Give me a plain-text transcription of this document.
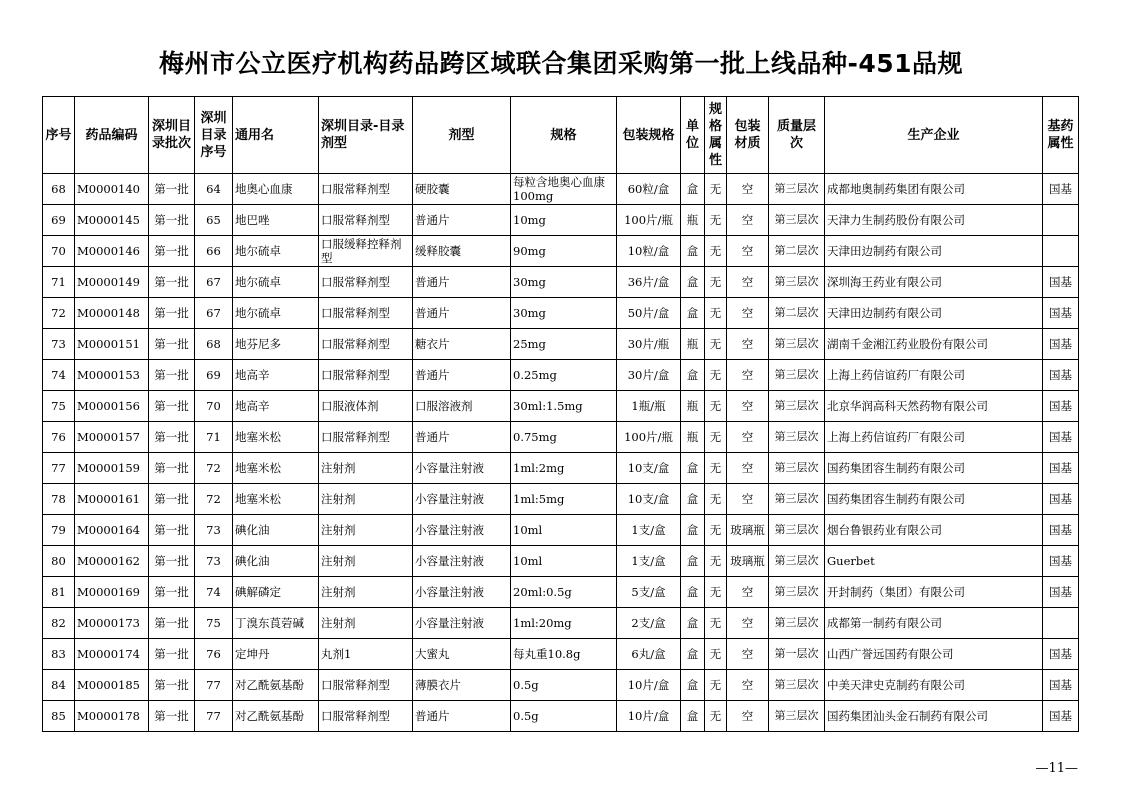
梅州市公立医疗机构药品跨区域联合集团采购第一批上线品种-451品规
序号	药品编码	深圳目录批次	深圳目录序号	通用名	深圳目录-目录剂型	剂型	规格	包装规格	单位	规格属性	包装材质	质量层次	生产企业	基药属性
68	M0000140	第一批	64	地奥心血康	口服常释剂型	硬胶囊	每粒含地奥心血康100mg	60粒/盒	盒	无	空	第三层次	成都地奥制药集团有限公司	国基
69	M0000145	第一批	65	地巴唑	口服常释剂型	普通片	10mg	100片/瓶	瓶	无	空	第三层次	天津力生制药股份有限公司	
70	M0000146	第一批	66	地尔硫卓	口服缓释控释剂型	缓释胶囊	90mg	10粒/盒	盒	无	空	第二层次	天津田边制药有限公司	
71	M0000149	第一批	67	地尔硫卓	口服常释剂型	普通片	30mg	36片/盒	盒	无	空	第三层次	深圳海王药业有限公司	国基
72	M0000148	第一批	67	地尔硫卓	口服常释剂型	普通片	30mg	50片/盒	盒	无	空	第二层次	天津田边制药有限公司	国基
73	M0000151	第一批	68	地芬尼多	口服常释剂型	糖衣片	25mg	30片/瓶	瓶	无	空	第三层次	湖南千金湘江药业股份有限公司	国基
74	M0000153	第一批	69	地高辛	口服常释剂型	普通片	0.25mg	30片/盒	盒	无	空	第三层次	上海上药信谊药厂有限公司	国基
75	M0000156	第一批	70	地高辛	口服液体剂	口服溶液剂	30ml:1.5mg	1瓶/瓶	瓶	无	空	第三层次	北京华润高科天然药物有限公司	国基
76	M0000157	第一批	71	地塞米松	口服常释剂型	普通片	0.75mg	100片/瓶	瓶	无	空	第三层次	上海上药信谊药厂有限公司	国基
77	M0000159	第一批	72	地塞米松	注射剂	小容量注射液	1ml:2mg	10支/盒	盒	无	空	第三层次	国药集团容生制药有限公司	国基
78	M0000161	第一批	72	地塞米松	注射剂	小容量注射液	1ml:5mg	10支/盒	盒	无	空	第三层次	国药集团容生制药有限公司	国基
79	M0000164	第一批	73	碘化油	注射剂	小容量注射液	10ml	1支/盒	盒	无	玻璃瓶	第三层次	烟台鲁银药业有限公司	国基
80	M0000162	第一批	73	碘化油	注射剂	小容量注射液	10ml	1支/盒	盒	无	玻璃瓶	第三层次	Guerbet	国基
81	M0000169	第一批	74	碘解磷定	注射剂	小容量注射液	20ml:0.5g	5支/盒	盒	无	空	第三层次	开封制药（集团）有限公司	国基
82	M0000173	第一批	75	丁溴东莨菪碱	注射剂	小容量注射液	1ml:20mg	2支/盒	盒	无	空	第三层次	成都第一制药有限公司	
83	M0000174	第一批	76	定坤丹	丸剂1	大蜜丸	每丸重10.8g	6丸/盒	盒	无	空	第一层次	山西广誉远国药有限公司	国基
84	M0000185	第一批	77	对乙酰氨基酚	口服常释剂型	薄膜衣片	0.5g	10片/盒	盒	无	空	第三层次	中美天津史克制药有限公司	国基
85	M0000178	第一批	77	对乙酰氨基酚	口服常释剂型	普通片	0.5g	10片/盒	盒	无	空	第三层次	国药集团汕头金石制药有限公司	国基
—11—
